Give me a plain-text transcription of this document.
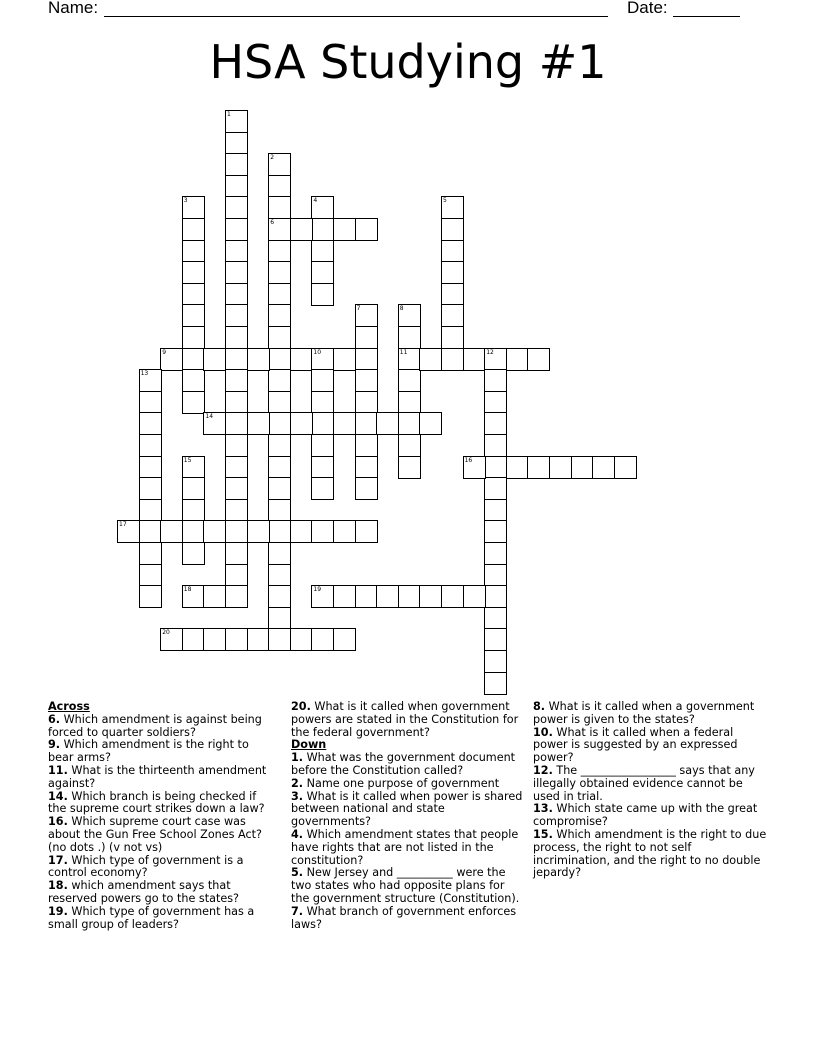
Name:	Date:
HSA Studying #1
1
2
6
3	4	5
7	8
11
9	10	12
13
14
15	16
17
18	19
20
Across
6. Which amendment is against being forced to quarter soldiers?
9. Which amendment is the right to bear arms?
11. What is the thirteenth amendment against?
14. Which branch is being checked if the supreme court strikes down a law?
16. Which supreme court case was about the Gun Free School Zones Act? (no dots .) (v not vs)
17. Which type of government is a control economy?
18. which amendment says that reserved powers go to the states?
19. Which type of government has a small group of leaders?
20. What is it called when government powers are stated in the Constitution for the federal government?
Down
1. What was the government document before the Constitution called?
2. Name one purpose of government
3. What is it called when power is shared between national and state governments?
4. Which amendment states that people have rights that are not listed in the constitution?
5. New Jersey and __________ were the two states who had opposite plans for the government structure (Constitution).
7. What branch of government enforces laws?
8. What is it called when a government power is given to the states?
10. What is it called when a federal power is suggested by an expressed power?
12. The _________________ says that any illegally obtained evidence cannot be used in trial.
13. Which state came up with the great compromise?
15. Which amendment is the right to due process, the right to not self incrimination, and the right to no double jepardy?
